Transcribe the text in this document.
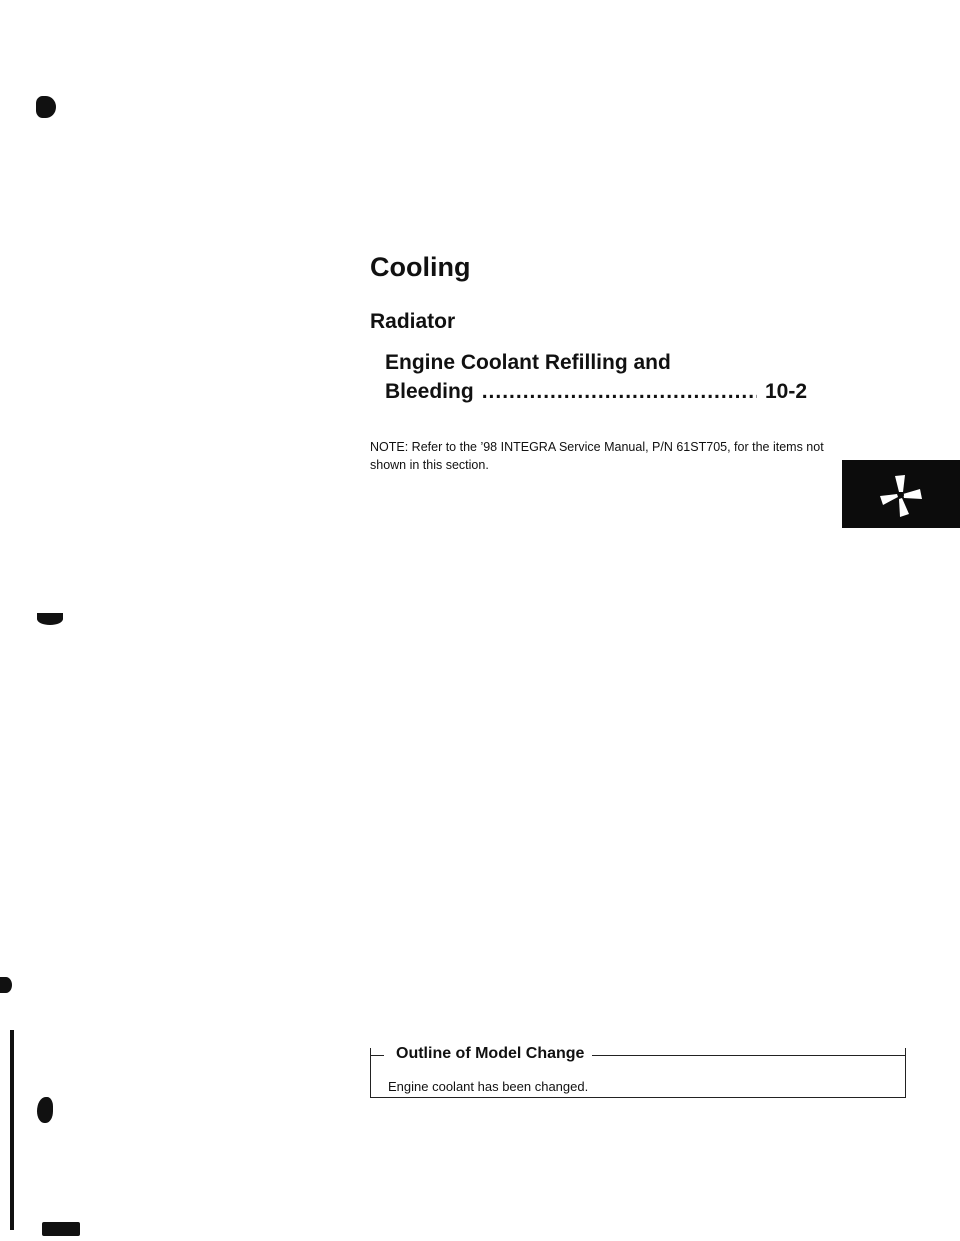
Cooling
Radiator
Engine Coolant Refilling and
Bleeding
.....	10-2
NOTE: Refer to the ’98 INTEGRA Service Manual, P/N 61ST705, for the items not shown in this section.
Outline of Model Change
Engine coolant has been changed.
